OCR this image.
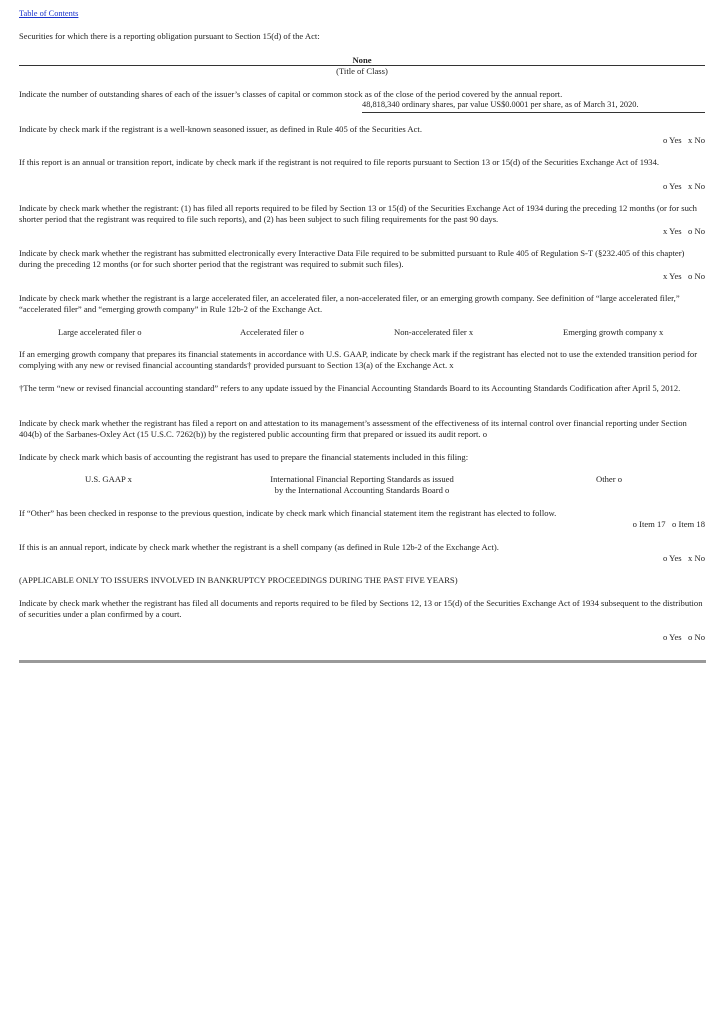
Table of Contents
Securities for which there is a reporting obligation pursuant to Section 15(d) of the Act:
None
(Title of Class)
Indicate the number of outstanding shares of each of the issuer’s classes of capital or common stock as of the close of the period covered by the annual report.
48,818,340 ordinary shares, par value US$0.0001 per share, as of March 31, 2020.
Indicate by check mark if the registrant is a well-known seasoned issuer, as defined in Rule 405 of the Securities Act.
o Yes   x No
If this report is an annual or transition report, indicate by check mark if the registrant is not required to file reports pursuant to Section 13 or 15(d) of the Securities Exchange Act of 1934.
o Yes   x No
Indicate by check mark whether the registrant: (1) has filed all reports required to be filed by Section 13 or 15(d) of the Securities Exchange Act of 1934 during the preceding 12 months (or for such shorter period that the registrant was required to file such reports), and (2) has been subject to such filing requirements for the past 90 days.
x Yes   o No
Indicate by check mark whether the registrant has submitted electronically every Interactive Data File required to be submitted pursuant to Rule 405 of Regulation S-T (§232.405 of this chapter) during the preceding 12 months (or for such shorter period that the registrant was required to submit such files).
x Yes   o No
Indicate by check mark whether the registrant is a large accelerated filer, an accelerated filer, a non-accelerated filer, or an emerging growth company. See definition of “large accelerated filer,” “accelerated filer” and “emerging growth company” in Rule 12b-2 of the Exchange Act.
Large accelerated filer o	Accelerated filer o	Non-accelerated filer x	Emerging growth company x
If an emerging growth company that prepares its financial statements in accordance with U.S. GAAP, indicate by check mark if the registrant has elected not to use the extended transition period for complying with any new or revised financial accounting standards† provided pursuant to Section 13(a) of the Exchange Act. x
†The term “new or revised financial accounting standard” refers to any update issued by the Financial Accounting Standards Board to its Accounting Standards Codification after April 5, 2012.
Indicate by check mark whether the registrant has filed a report on and attestation to its management’s assessment of the effectiveness of its internal control over financial reporting under Section 404(b) of the Sarbanes-Oxley Act (15 U.S.C. 7262(b)) by the registered public accounting firm that prepared or issued its audit report. o
Indicate by check mark which basis of accounting the registrant has used to prepare the financial statements included in this filing:
U.S. GAAP x	International Financial Reporting Standards as issued
by the International Accounting Standards Board o
Other o
If “Other” has been checked in response to the previous question, indicate by check mark which financial statement item the registrant has elected to follow.
o Item 17   o Item 18
If this is an annual report, indicate by check mark whether the registrant is a shell company (as defined in Rule 12b-2 of the Exchange Act).
o Yes   x No
(APPLICABLE ONLY TO ISSUERS INVOLVED IN BANKRUPTCY PROCEEDINGS DURING THE PAST FIVE YEARS)
Indicate by check mark whether the registrant has filed all documents and reports required to be filed by Sections 12, 13 or 15(d) of the Securities Exchange Act of 1934 subsequent to the distribution of securities under a plan confirmed by a court.
o Yes   o No
